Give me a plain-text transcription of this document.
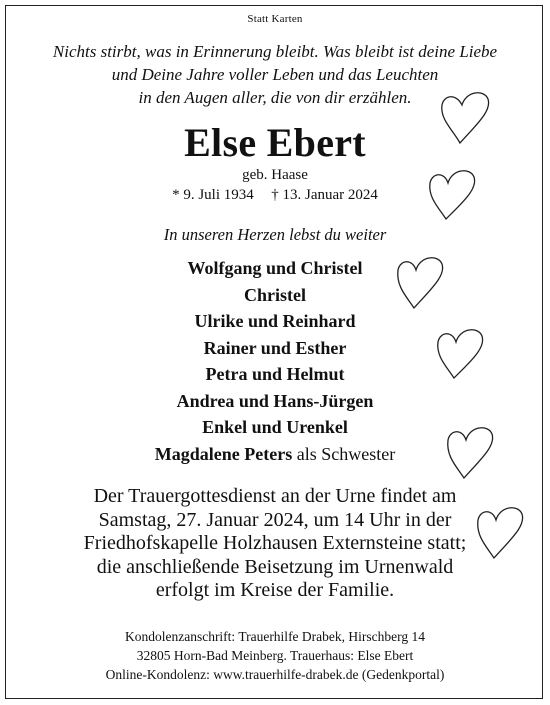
Statt Karten
Nichts stirbt, was in Erinnerung bleibt. Was bleibt ist deine Liebe
und Deine Jahre voller Leben und das Leuchten
in den Augen aller, die von dir erzählen.
Else Ebert
geb. Haase
* 9. Juli 1934 † 13. Januar 2024
In unseren Herzen lebst du weiter
Wolfgang und Christel
Christel
Ulrike und Reinhard
Rainer und Esther
Petra und Helmut
Andrea und Hans-Jürgen
Enkel und Urenkel
Magdalene Peters als Schwester
Der Trauergottesdienst an der Urne findet am
Samstag, 27. Januar 2024, um 14 Uhr in der
Friedhofskapelle Holzhausen Externsteine statt;
die anschließende Beisetzung im Urnenwald
erfolgt im Kreise der Familie.
Kondolenzanschrift: Trauerhilfe Drabek, Hirschberg 14
32805 Horn-Bad Meinberg. Trauerhaus: Else Ebert
Online-Kondolenz: www.trauerhilfe-drabek.de (Gedenkportal)
